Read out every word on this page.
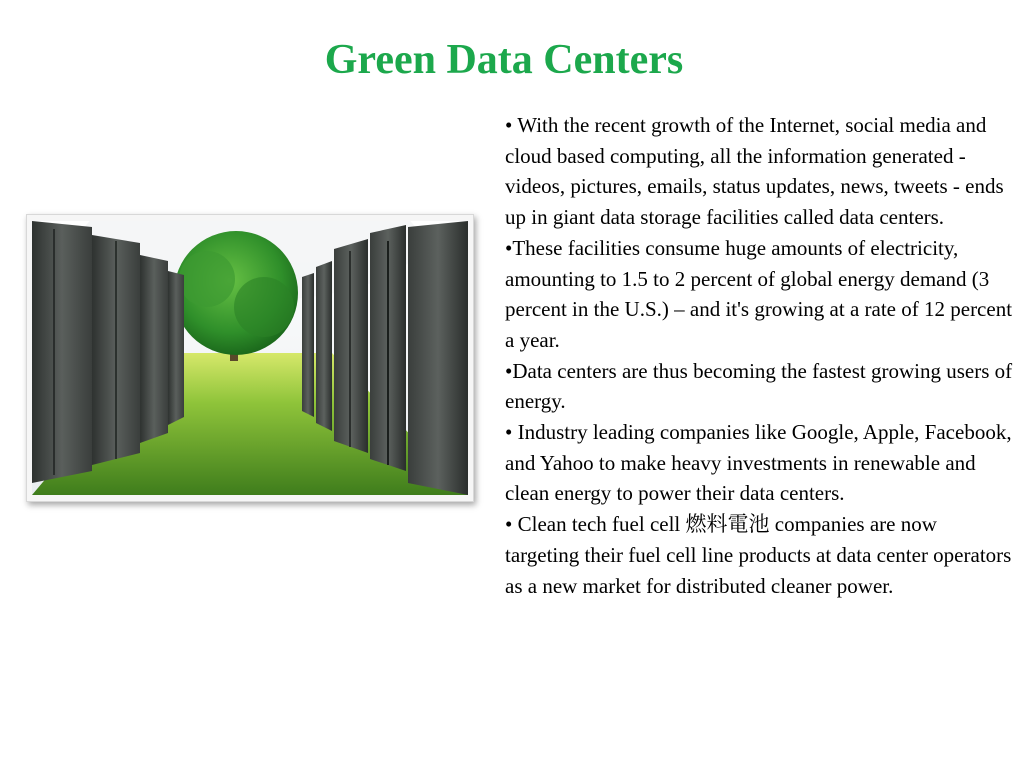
Green Data Centers

• With the recent growth of the Internet, social media and cloud based computing, all the information generated - videos, pictures, emails, status updates, news, tweets - ends up in giant data storage facilities called data centers.

•These facilities consume huge amounts of electricity, amounting to 1.5 to 2 percent of global energy demand (3 percent in the U.S.) – and it's growing at a rate of 12 percent a year.

•Data centers are thus becoming the fastest growing users of energy.

• Industry leading companies like Google, Apple, Facebook, and Yahoo to make heavy investments in renewable and clean energy to power their data centers.

• Clean tech fuel cell 燃料電池 companies are now targeting their fuel cell line products at data center operators as a new market for distributed cleaner power.
